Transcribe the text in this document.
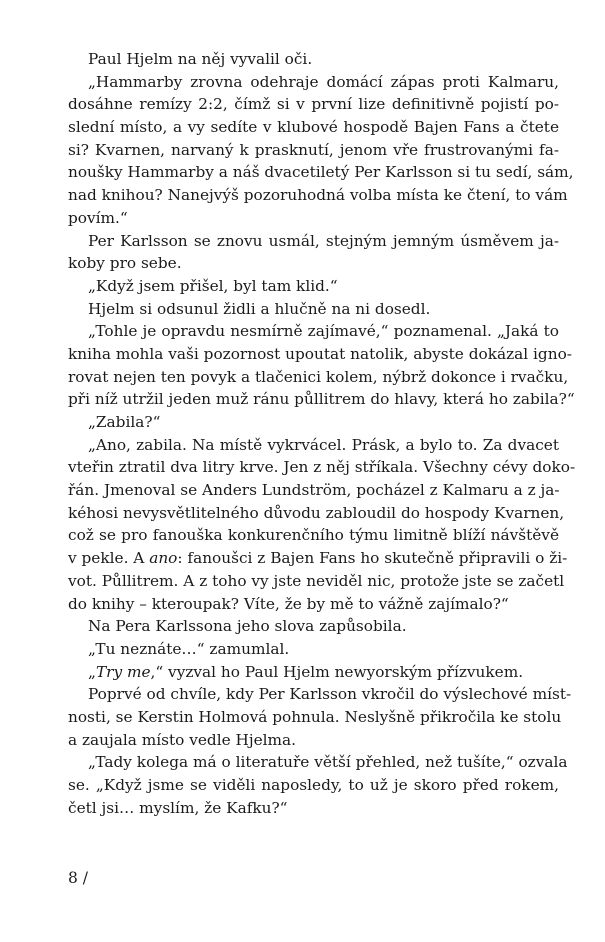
Paul Hjelm na něj vyvalil oči.
„Hammarby zrovna odehraje domácí zápas proti Kalmaru,
dosáhne remízy 2:2, čímž si v první lize definitivně pojistí po-
slední místo, a vy sedíte v klubové hospodě Bajen Fans a čtete
si? Kvarnen, narvaný k prasknutí, jenom vře frustrovanými fa-
noušky Hammarby a náš dvacetiletý Per Karlsson si tu sedí, sám,
nad knihou? Nanejvýš pozoruhodná volba místa ke čtení, to vám
povím.“
Per Karlsson se znovu usmál, stejným jemným úsměvem ja-
koby pro sebe.
„Když jsem přišel, byl tam klid.“
Hjelm si odsunul židli a hlučně na ni dosedl.
„Tohle je opravdu nesmírně zajímavé,“ poznamenal. „Jaká to
kniha mohla vaši pozornost upoutat natolik, abyste dokázal igno-
rovat nejen ten povyk a tlačenici kolem, nýbrž dokonce i rvačku,
při níž utržil jeden muž ránu půllitrem do hlavy, která ho zabila?“
„Zabila?“
„Ano, zabila. Na místě vykrvácel. Prásk, a bylo to. Za dvacet
vteřin ztratil dva litry krve. Jen z něj stříkala. Všechny cévy doko-
řán. Jmenoval se Anders Lundström, pocházel z Kalmaru a z ja-
kéhosi nevysvětlitelného důvodu zabloudil do hospody Kvarnen,
což se pro fanouška konkurenčního týmu limitně blíží návštěvě
v pekle. A ano: fanoušci z Bajen Fans ho skutečně připravili o ži-
vot. Půllitrem. A z toho vy jste neviděl nic, protože jste se začetl
do knihy – kteroupak? Víte, že by mě to vážně zajímalo?“
Na Pera Karlssona jeho slova zapůsobila.
„Tu neznáte…“ zamumlal.
„Try me,“ vyzval ho Paul Hjelm newyorským přízvukem.
Poprvé od chvíle, kdy Per Karlsson vkročil do výslechové míst-
nosti, se Kerstin Holmová pohnula. Neslyšně přikročila ke stolu
a zaujala místo vedle Hjelma.
„Tady kolega má o literatuře větší přehled, než tušíte,“ ozvala
se. „Když jsme se viděli naposledy, to už je skoro před rokem,
četl jsi… myslím, že Kafku?“
8 /
